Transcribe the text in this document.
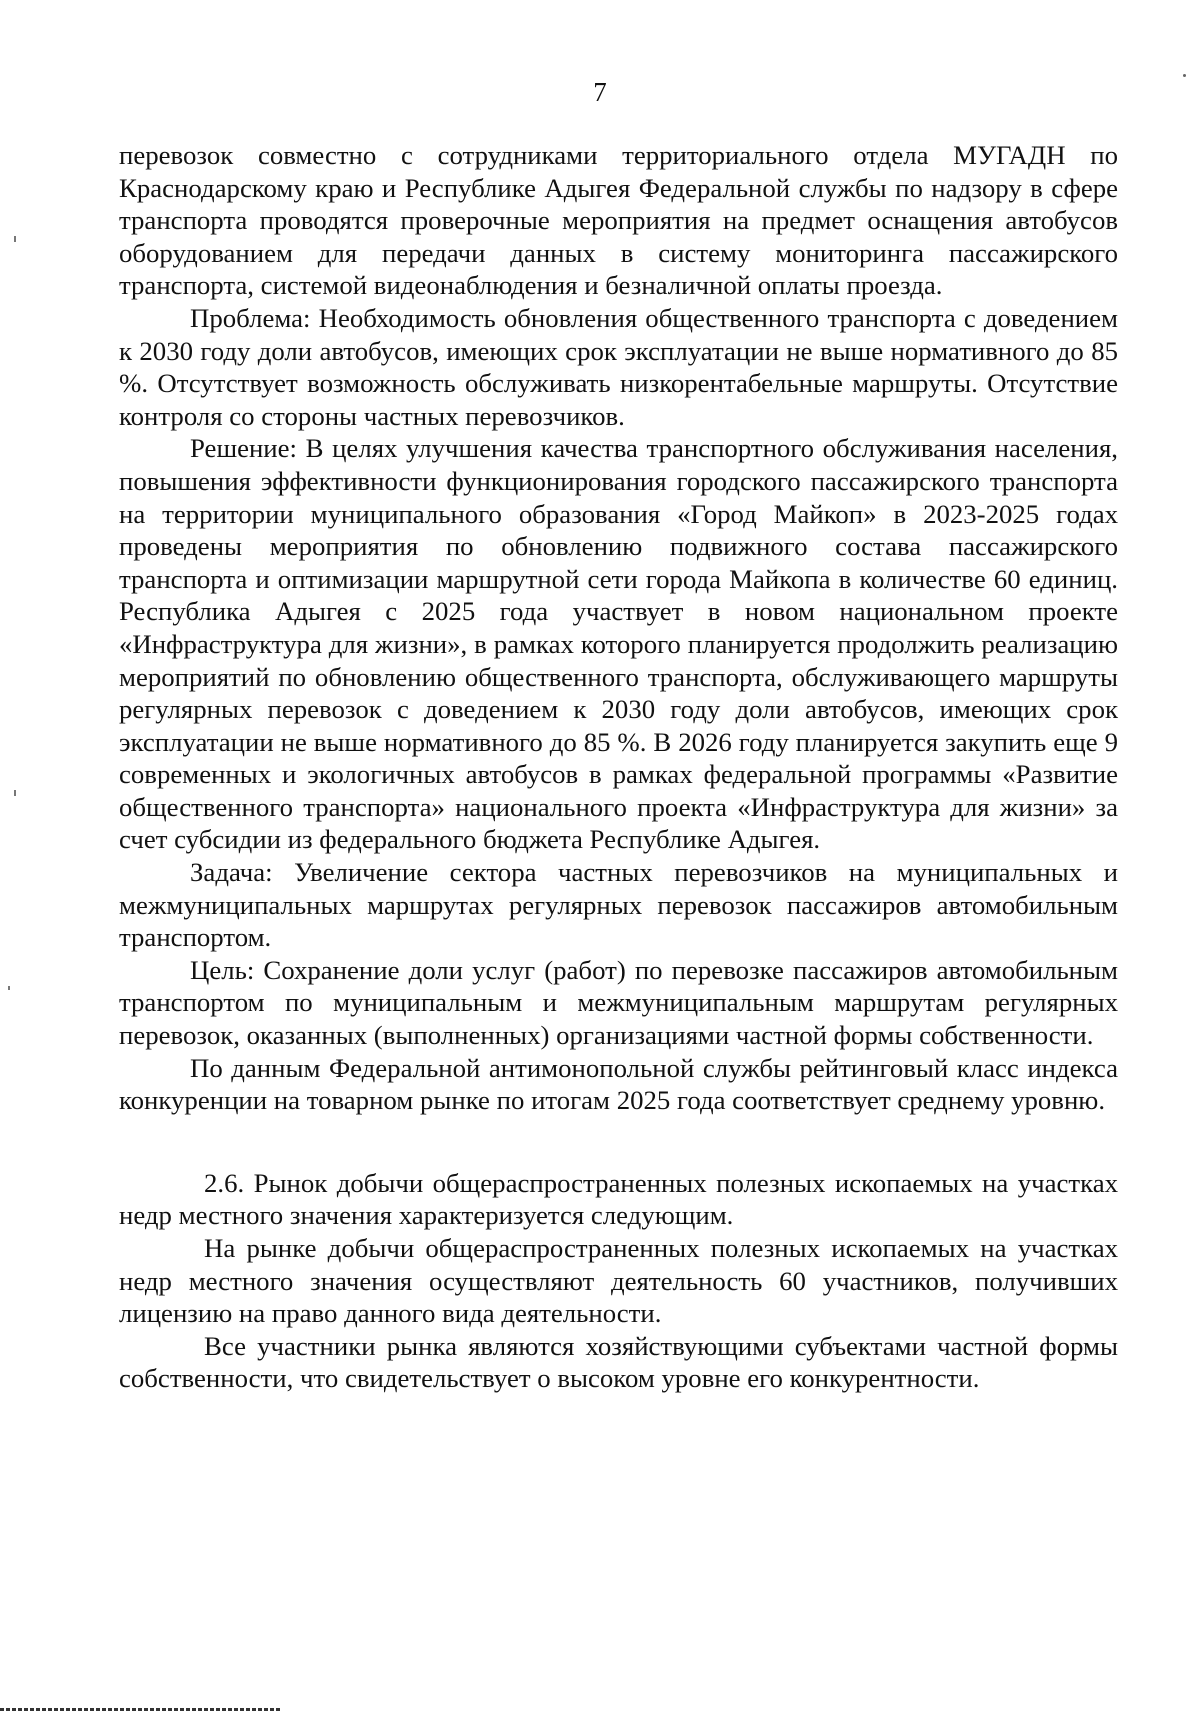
7

перевозок совместно с сотрудниками территориального отдела МУГАДН по Краснодарскому краю и Республике Адыгея Федеральной службы по надзору в сфере транспорта проводятся проверочные мероприятия на предмет оснащения автобусов оборудованием для передачи данных в систему мониторинга пассажирского транспорта, системой видеонаблюдения и безналичной оплаты проезда.

Проблема: Необходимость обновления общественного транспорта с доведением к 2030 году доли автобусов, имеющих срок эксплуатации не выше нормативного до 85 %. Отсутствует возможность обслуживать низкорентабельные маршруты. Отсутствие контроля со стороны частных перевозчиков.

Решение: В целях улучшения качества транспортного обслуживания населения, повышения эффективности функционирования городского пассажирского транспорта на территории муниципального образования «Город Майкоп» в 2023-2025 годах проведены мероприятия по обновлению подвижного состава пассажирского транспорта и оптимизации маршрутной сети города Майкопа в количестве 60 единиц. Республика Адыгея с 2025 года участвует в новом национальном проекте «Инфраструктура для жизни», в рамках которого планируется продолжить реализацию мероприятий по обновлению общественного транспорта, обслуживающего маршруты регулярных перевозок с доведением к 2030 году доли автобусов, имеющих срок эксплуатации не выше нормативного до 85 %. В 2026 году планируется закупить еще 9 современных и экологичных автобусов в рамках федеральной программы «Развитие общественного транспорта» национального проекта «Инфраструктура для жизни» за счет субсидии из федерального бюджета Республике Адыгея.

Задача: Увеличение сектора частных перевозчиков на муниципальных и межмуниципальных маршрутах регулярных перевозок пассажиров автомобильным транспортом.

Цель: Сохранение доли услуг (работ) по перевозке пассажиров автомобильным транспортом по муниципальным и межмуниципальным маршрутам регулярных перевозок, оказанных (выполненных) организациями частной формы собственности.

По данным Федеральной антимонопольной службы рейтинговый класс индекса конкуренции на товарном рынке по итогам 2025 года соответствует среднему уровню.

2.6. Рынок добычи общераспространенных полезных ископаемых на участках недр местного значения характеризуется следующим.

На рынке добычи общераспространенных полезных ископаемых на участках недр местного значения осуществляют деятельность 60 участников, получивших лицензию на право данного вида деятельности.

Все участники рынка являются хозяйствующими субъектами частной формы собственности, что свидетельствует о высоком уровне его конкурентности.
